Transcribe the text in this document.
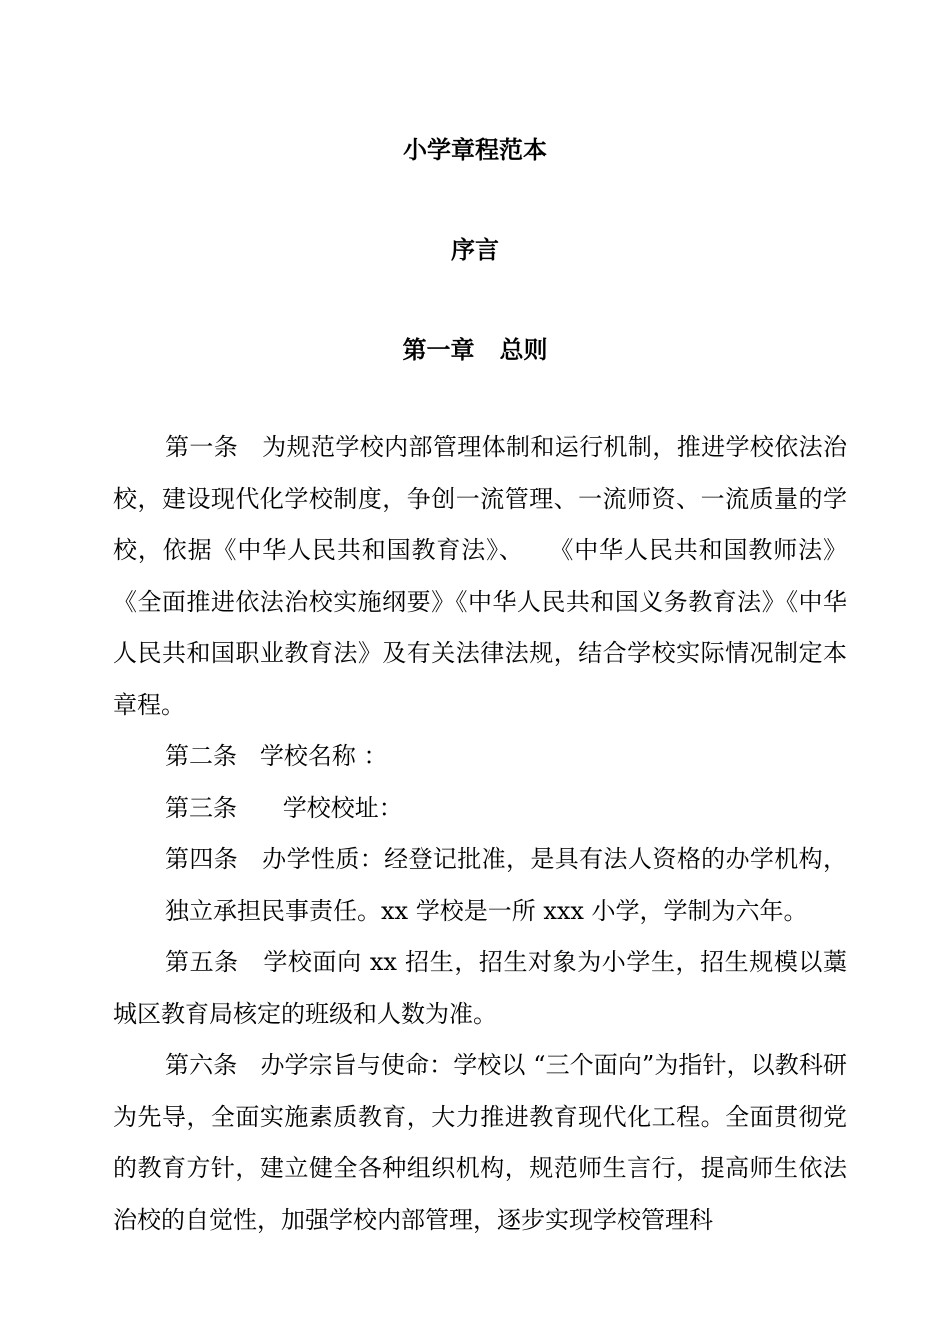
小学章程范本
序言
第一章   总则

第一条   为规范学校内部管理体制和运行机制，推进学校依法治校，建设现代化学校制度，争创一流管理、一流师资、一流质量的学校，依据《中华人民共和国教育法》、   《中华人民共和国教师法》《全面推进依法治校实施纲要》《中华人民共和国义务教育法》《中华人民共和国职业教育法》及有关法律法规，结合学校实际情况制定本章程。

第二条   学校名称 ：

第三条      学校校址：

第四条   办学性质：经登记批准，是具有法人资格的办学机构，独立承担民事责任。xx 学校是一所 xxx 小学，学制为六年。

第五条   学校面向 xx 招生，招生对象为小学生，招生规模以藁城区教育局核定的班级和人数为准。

第六条   办学宗旨与使命：学校以 “三个面向”为指针，以教科研为先导，全面实施素质教育，大力推进教育现代化工程。全面贯彻党的教育方针，建立健全各种组织机构，规范师生言行，提高师生依法治校的自觉性，加强学校内部管理，逐步实现学校管理科
